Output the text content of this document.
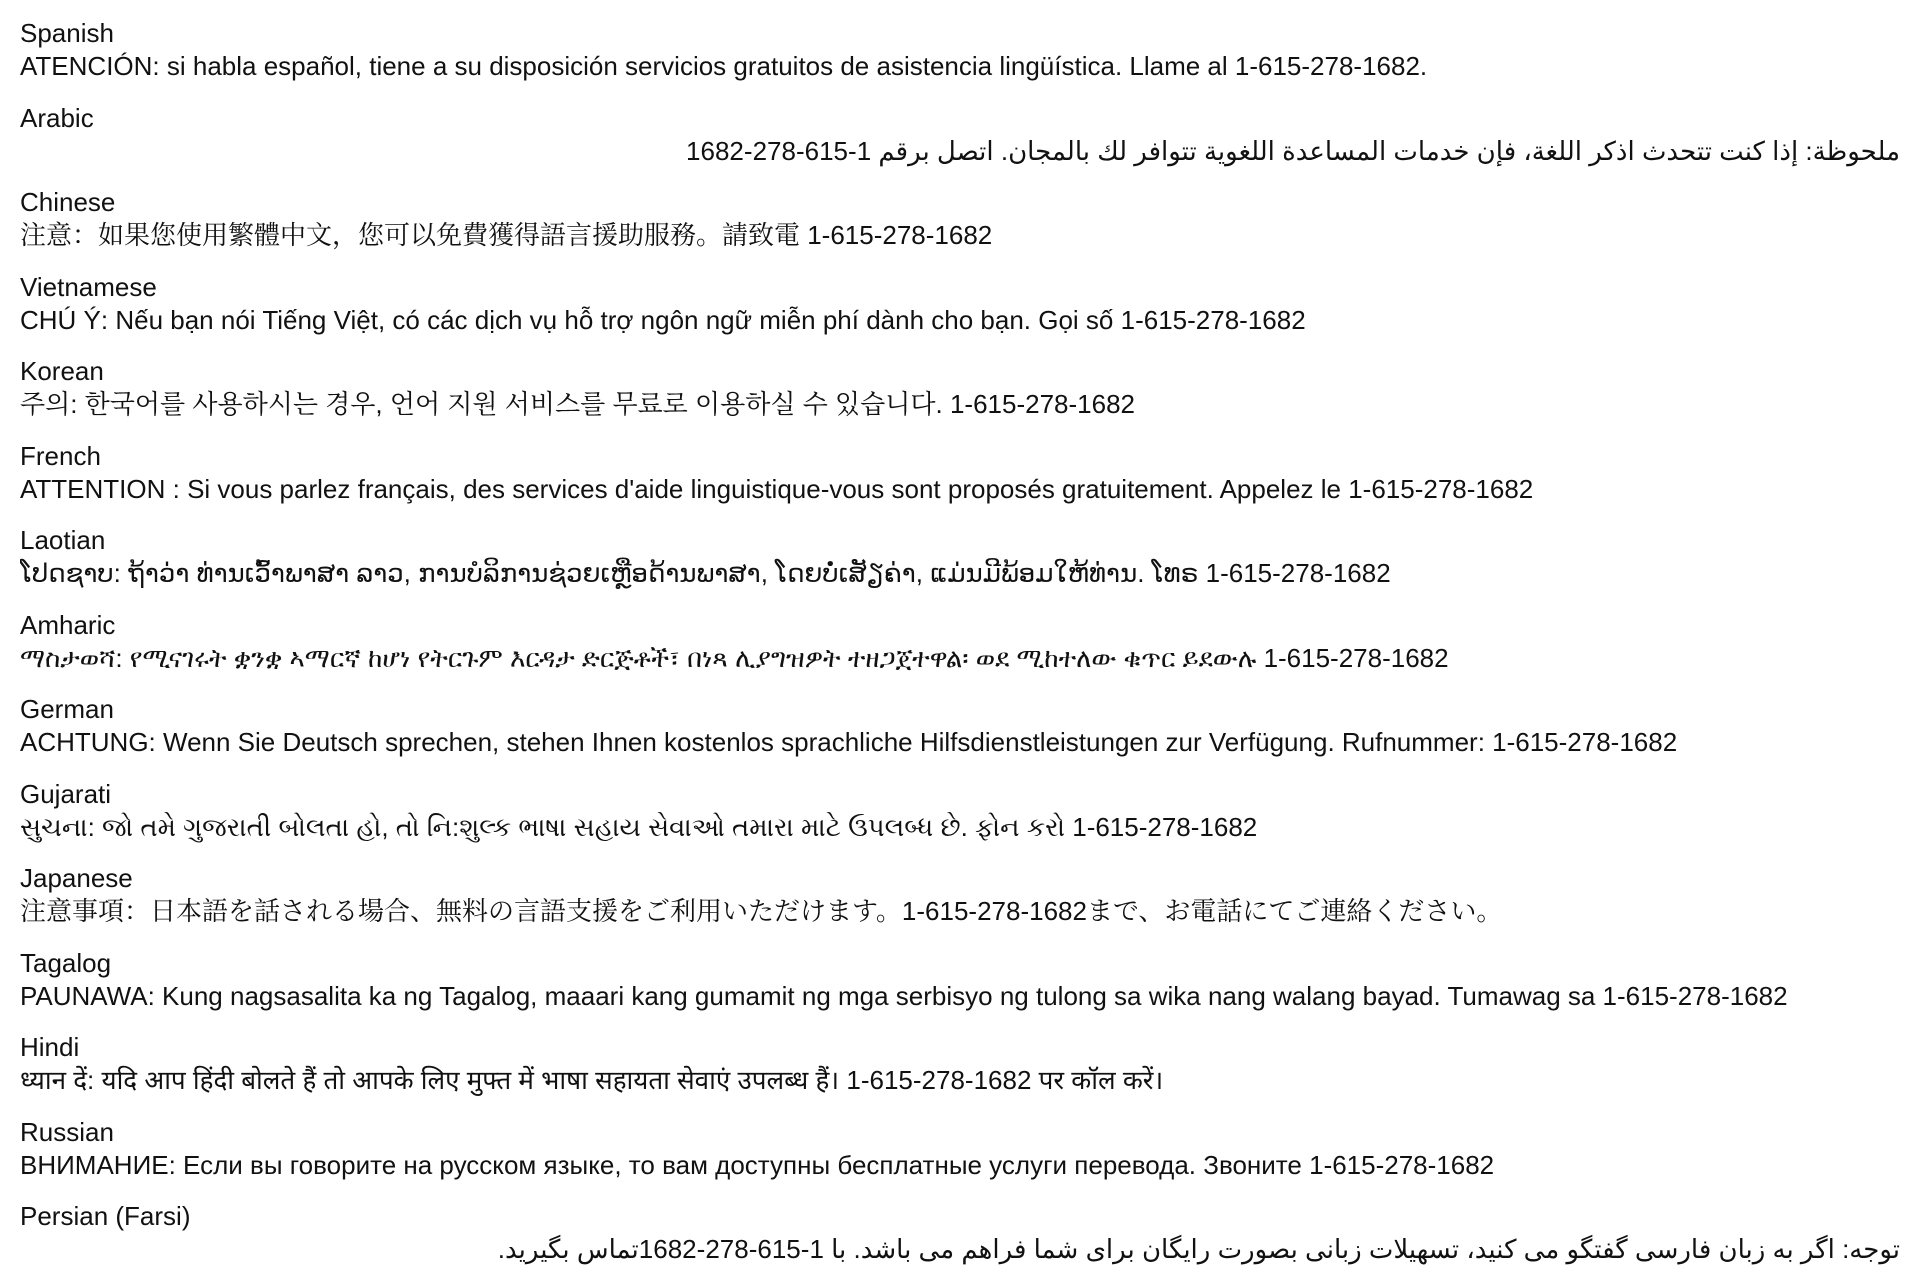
Spanish
ATENCIÓN: si habla español, tiene a su disposición servicios gratuitos de asistencia lingüística. Llame al 1-615-278-1682.
Arabic
ملحوظة: إذا كنت تتحدث اذكر اللغة، فإن خدمات المساعدة اللغوية تتوافر لك بالمجان. اتصل برقم 1-615-278-1682
Chinese
注意：如果您使用繁體中文，您可以免費獲得語言援助服務。請致電 1-615-278-1682
Vietnamese
CHÚ Ý: Nếu bạn nói Tiếng Việt, có các dịch vụ hỗ trợ ngôn ngữ miễn phí dành cho bạn. Gọi số 1-615-278-1682
Korean
주의: 한국어를 사용하시는 경우, 언어 지원 서비스를 무료로 이용하실 수 있습니다. 1-615-278-1682
French
ATTENTION : Si vous parlez français, des services d'aide linguistique-vous sont proposés gratuitement. Appelez le 1-615-278-1682
Laotian
ໂປດຊາບ: ຖ້າວ່າ ທ່ານເວົ້າພາສາ ລາວ, ການບໍລິການຊ່ວຍເຫຼືອດ້ານພາສາ, ໂດຍບໍ່ເສັຽຄ່າ, ແມ່ນມີພ້ອມໃຫ້ທ່ານ. ໂທຣ 1-615-278-1682
Amharic
ማስታወሻ: የሚናገሩት ቋንቋ ኣማርኛ ከሆነ የትርጉም እርዳታ ድርጅቶች፣ በነጻ ሊያግዝዎት ተዘጋጀተዋል፡ ወደ ሚከተለው ቁጥር ይደውሉ 1-615-278-1682
German
ACHTUNG: Wenn Sie Deutsch sprechen, stehen Ihnen kostenlos sprachliche Hilfsdienstleistungen zur Verfügung. Rufnummer: 1-615-278-1682
Gujarati
સુચના: જો તમે ગુજરાતી બોલતા હો, તો નિ:શુલ્ક ભાષા સહાય સેવાઓ તમારા માટે ઉપલબ્ધ છે. ફોન કરો 1-615-278-1682
Japanese
注意事項：日本語を話される場合、無料の言語支援をご利用いただけます。1-615-278-1682まで、お電話にてご連絡ください。
Tagalog
PAUNAWA: Kung nagsasalita ka ng Tagalog, maaari kang gumamit ng mga serbisyo ng tulong sa wika nang walang bayad. Tumawag sa 1-615-278-1682
Hindi
ध्यान दें: यदि आप हिंदी बोलते हैं तो आपके लिए मुफ्त में भाषा सहायता सेवाएं उपलब्ध हैं। 1-615-278-1682 पर कॉल करें।
Russian
ВНИМАНИЕ: Если вы говорите на русском языке, то вам доступны бесплатные услуги перевода. Звоните 1-615-278-1682
Persian (Farsi)
توجه: اگر به زبان فارسی گفتگو می کنید، تسهیلات زبانی بصورت رایگان برای شما فراهم می باشد. با 1-615-278-1682تماس بگیرید.
